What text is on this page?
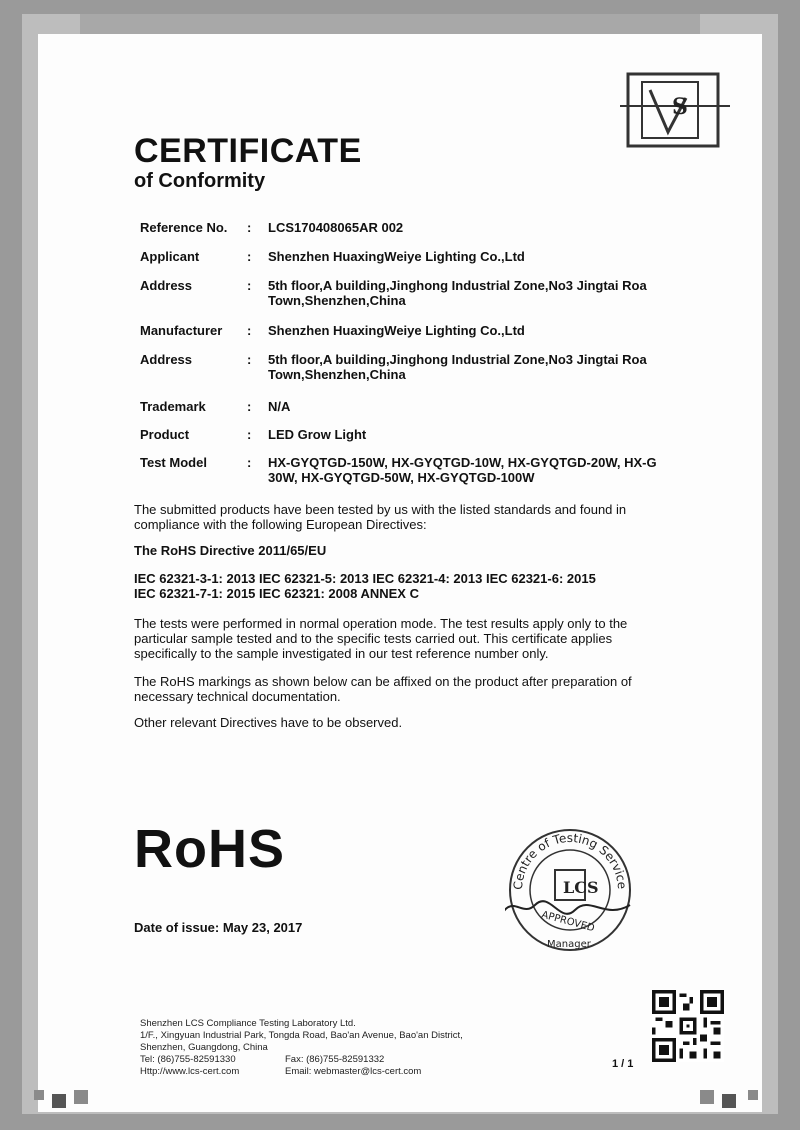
S
CERTIFICATE
of Conformity
Reference No.	: LCS170408065AR 002
Applicant	: Shenzhen HuaxingWeiye Lighting Co.,Ltd
Address	: 5th floor,A building,Jinghong Industrial Zone,No3 Jingtai Roa
Town,Shenzhen,China
Manufacturer	: Shenzhen HuaxingWeiye Lighting Co.,Ltd
Address	: 5th floor,A building,Jinghong Industrial Zone,No3 Jingtai Roa
Town,Shenzhen,China
Trademark	: N/A
Product	: LED Grow Light
Test Model	: HX-GYQTGD-150W, HX-GYQTGD-10W, HX-GYQTGD-20W, HX-G
30W, HX-GYQTGD-50W, HX-GYQTGD-100W
The submitted products have been tested by us with the listed standards and found in
compliance with the following European Directives:
The RoHS Directive 2011/65/EU
IEC 62321-3-1: 2013 IEC 62321-5: 2013 IEC 62321-4: 2013 IEC 62321-6: 2015
IEC 62321-7-1: 2015 IEC 62321: 2008 ANNEX C
The tests were performed in normal operation mode. The test results apply only to the
particular sample tested and to the specific tests carried out. This certificate applies
specifically to the sample investigated in our test reference number only.
The RoHS markings as shown below can be affixed on the product after preparation of
necessary technical documentation.
Other relevant Directives have to be observed.
RoHS
Date of issue: May 23, 2017
Centre of Testing Service
LCS
APPROVED
Manager
Shenzhen LCS Compliance Testing Laboratory Ltd.
1/F., Xingyuan Industrial Park, Tongda Road, Bao'an Avenue, Bao'an District,
Shenzhen, Guangdong, China
Tel: (86)755-82591330
Http://www.lcs-cert.com
Fax: (86)755-82591332
Email: webmaster@lcs-cert.com
1 / 1
